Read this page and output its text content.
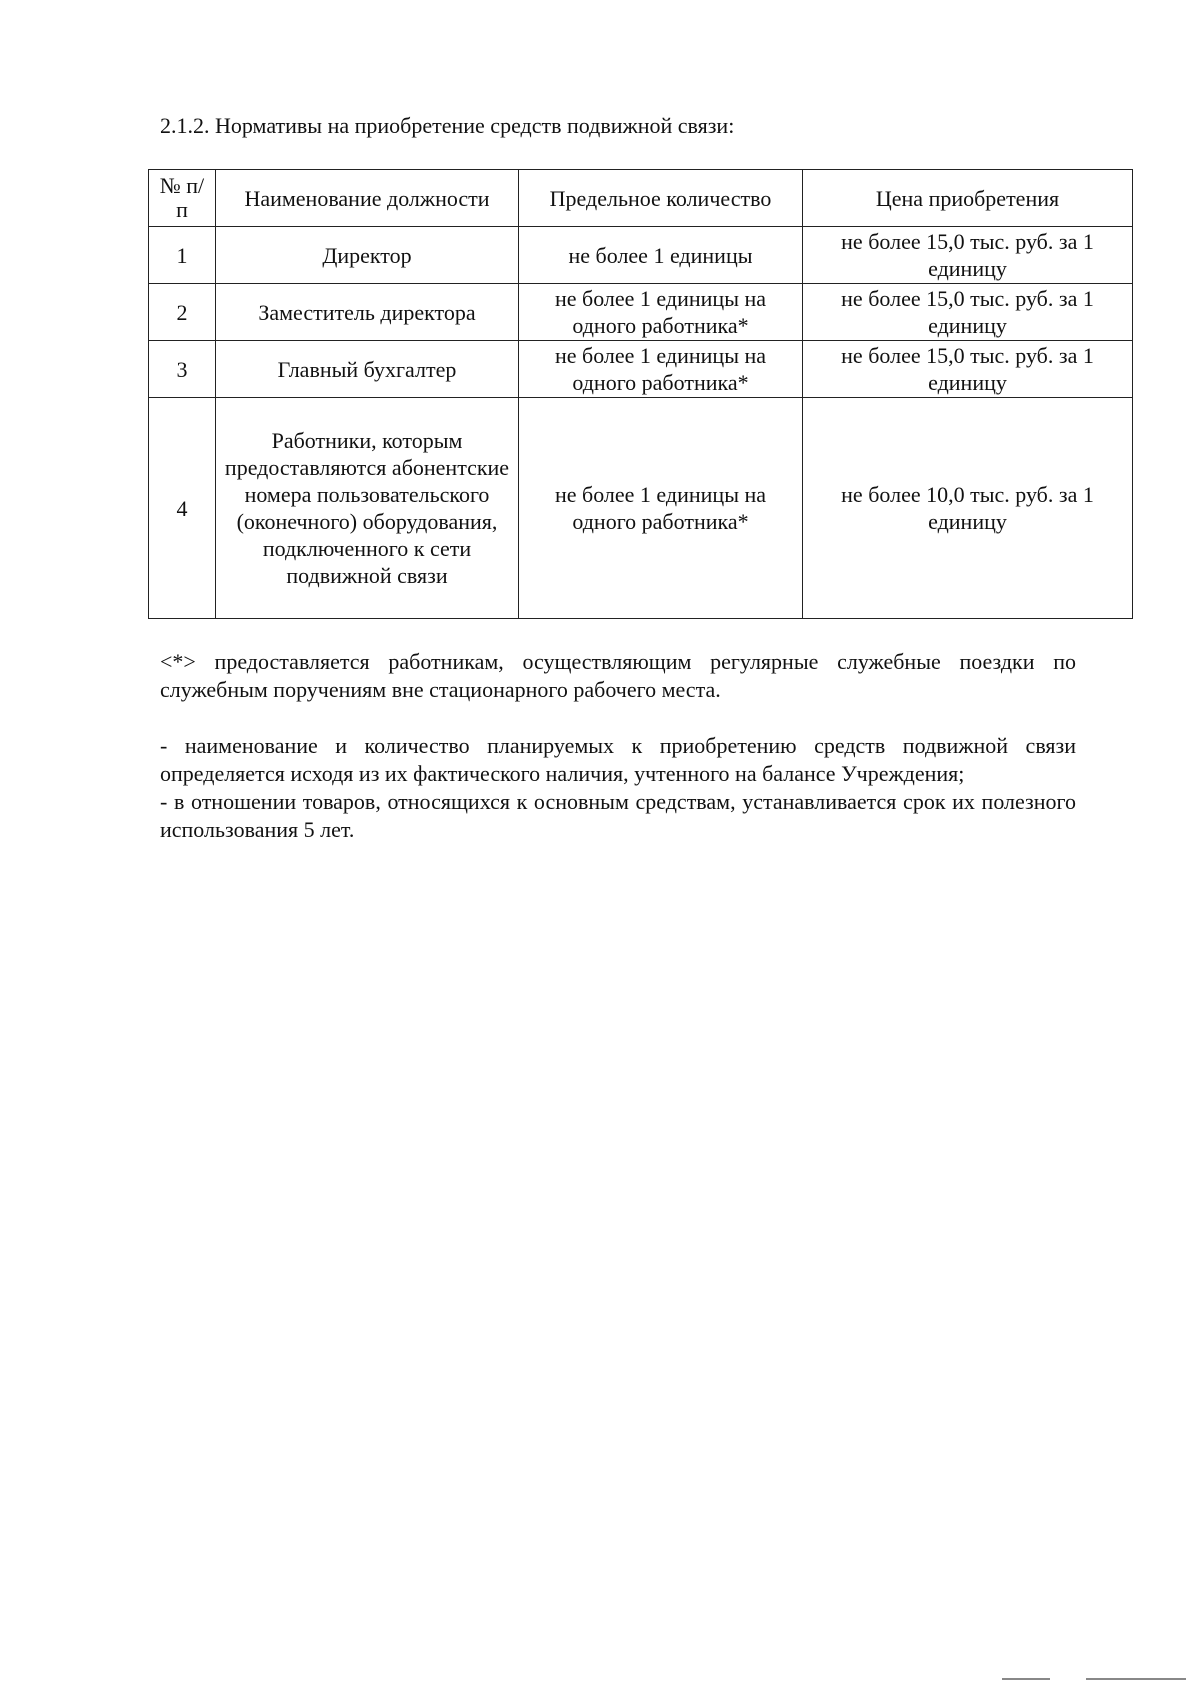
2.1.2. Нормативы на приобретение средств подвижной связи:
№ п/п	Наименование должности	Предельное количество	Цена приобретения
1	Директор	не более 1 единицы	не более 15,0 тыс. руб. за 1 единицу
2	Заместитель директора	не более 1 единицы на одного работника*	не более 15,0 тыс. руб. за 1 единицу
3	Главный бухгалтер	не более 1 единицы на одного работника*	не более 15,0 тыс. руб. за 1 единицу
4	Работники, которым предоставляются абонентские номера пользовательского (оконечного) оборудования, подключенного к сети подвижной связи	не более 1 единицы на одного работника*	не более 10,0 тыс. руб. за 1 единицу
<*> предоставляется работникам, осуществляющим регулярные служебные поездки по служебным поручениям вне стационарного рабочего места.

- наименование и количество планируемых к приобретению средств подвижной связи определяется исходя из их фактического наличия, учтенного на балансе Учреждения;

- в отношении товаров, относящихся к основным средствам, устанавливается срок их полезного использования 5 лет.
